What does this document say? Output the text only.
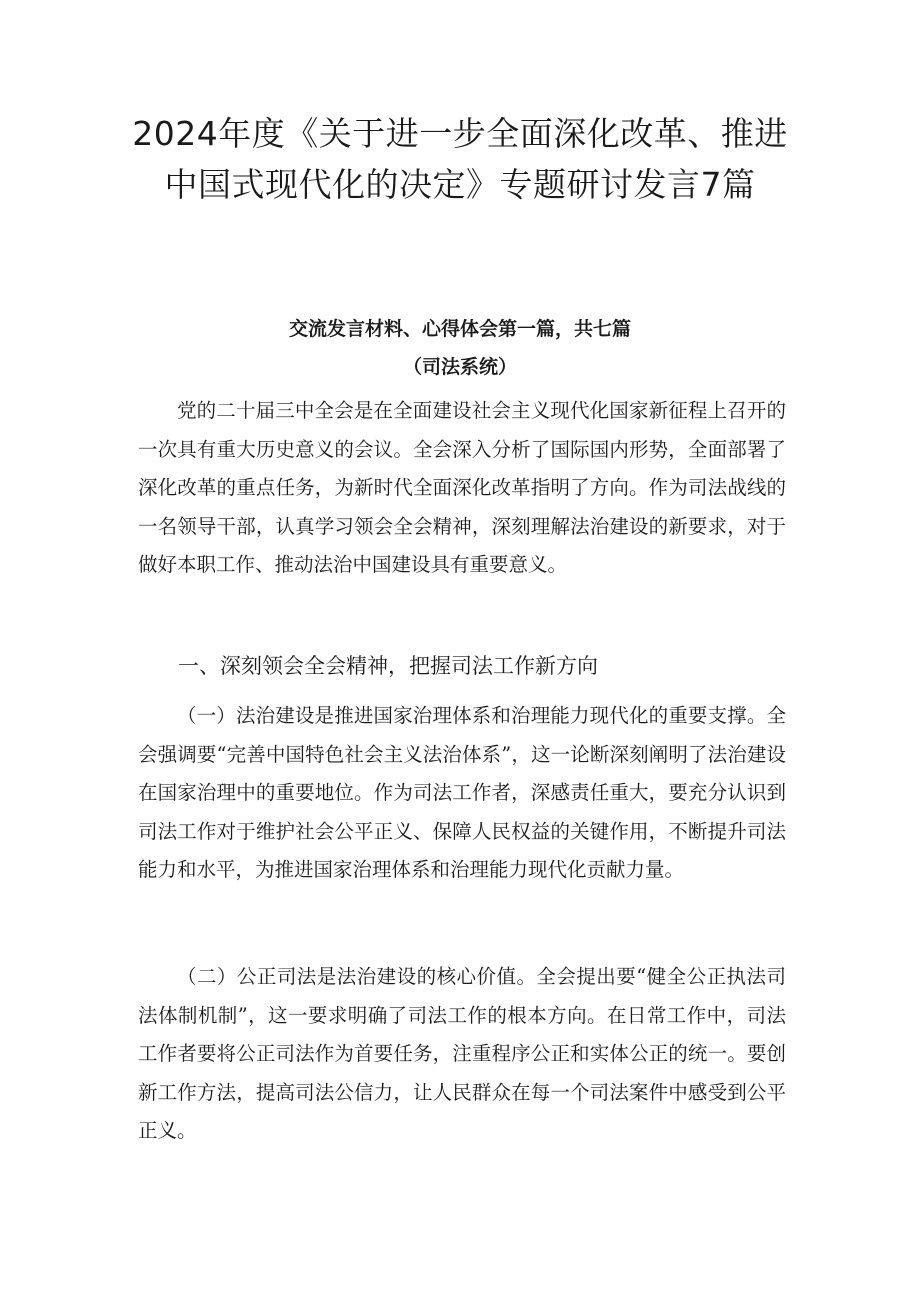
2024年度《关于进一步全面深化改革、推进中国式现代化的决定》专题研讨发言7篇

交流发言材料、心得体会第一篇，共七篇

（司法系统）

党的二十届三中全会是在全面建设社会主义现代化国家新征程上召开的一次具有重大历史意义的会议。全会深入分析了国际国内形势，全面部署了深化改革的重点任务，为新时代全面深化改革指明了方向。作为司法战线的一名领导干部，认真学习领会全会精神，深刻理解法治建设的新要求，对于做好本职工作、推动法治中国建设具有重要意义。

一、深刻领会全会精神，把握司法工作新方向

（一）法治建设是推进国家治理体系和治理能力现代化的重要支撑。全会强调要“完善中国特色社会主义法治体系”，这一论断深刻阐明了法治建设在国家治理中的重要地位。作为司法工作者，深感责任重大，要充分认识到司法工作对于维护社会公平正义、保障人民权益的关键作用，不断提升司法能力和水平，为推进国家治理体系和治理能力现代化贡献力量。

（二）公正司法是法治建设的核心价值。全会提出要“健全公正执法司法体制机制”，这一要求明确了司法工作的根本方向。在日常工作中，司法工作者要将公正司法作为首要任务，注重程序公正和实体公正的统一。要创新工作方法，提高司法公信力，让人民群众在每一个司法案件中感受到公平正义。
